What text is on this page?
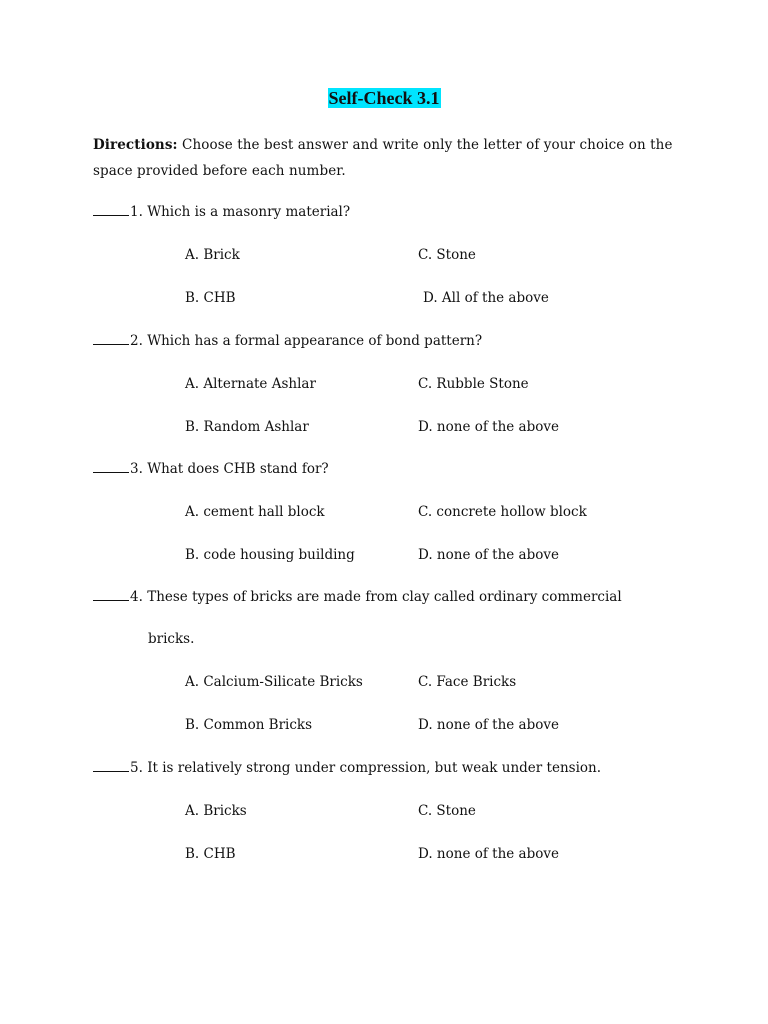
Self-Check 3.1
Directions: Choose the best answer and write only the letter of your choice on the space provided before each number.
1. Which is a masonry material?
A. Brick	C. Stone
B. CHB	D. All of the above
2. Which has a formal appearance of bond pattern?
A. Alternate Ashlar	C. Rubble Stone
B. Random Ashlar	D. none of the above
3. What does CHB stand for?
A. cement hall block	C. concrete hollow block
B. code housing building	D. none of the above
4. These types of bricks are made from clay called ordinary commercial
bricks.
A. Calcium-Silicate Bricks	C. Face Bricks
B. Common Bricks	D. none of the above
5. It is relatively strong under compression, but weak under tension.
A. Bricks	C. Stone
B. CHB	D. none of the above
